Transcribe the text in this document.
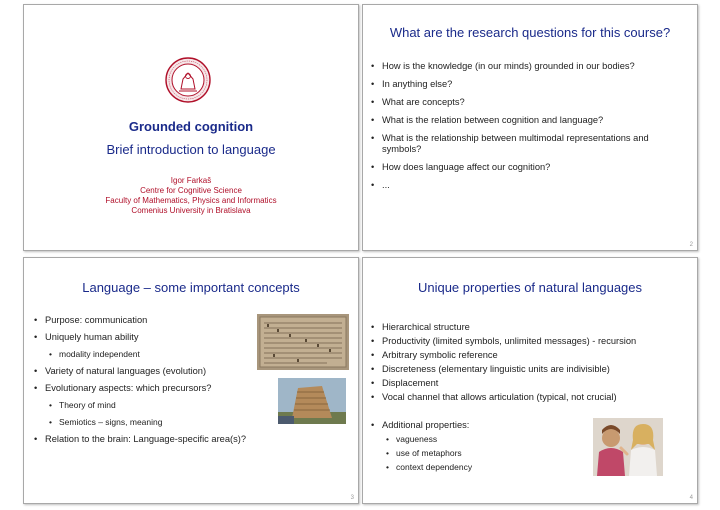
Grounded cognition
Brief introduction to language
Igor Farkaš
Centre for Cognitive Science
Faculty of Mathematics, Physics and Informatics
Comenius University in Bratislava
What are the research questions for this course?
• How is the knowledge (in our minds) grounded in our bodies?
• In anything else?
• What are concepts?
• What is the relation between cognition and language?
• What is the relationship between multimodal representations and symbols?
• How does language affect our cognition?
• ...
2
Language – some important concepts
• Purpose: communication
• Uniquely human ability
• modality independent
• Variety of natural languages (evolution)
• Evolutionary aspects: which precursors?
• Theory of mind
• Semiotics – signs, meaning
• Relation to the brain: Language-specific area(s)?
3
Unique properties of natural languages
• Hierarchical structure
• Productivity (limited symbols, unlimited messages) - recursion
• Arbitrary symbolic reference
• Discreteness (elementary linguistic units are indivisible)
• Displacement
• Vocal channel that allows articulation (typical, not crucial)
• Additional properties:
• vagueness
• use of metaphors
• context dependency
4
